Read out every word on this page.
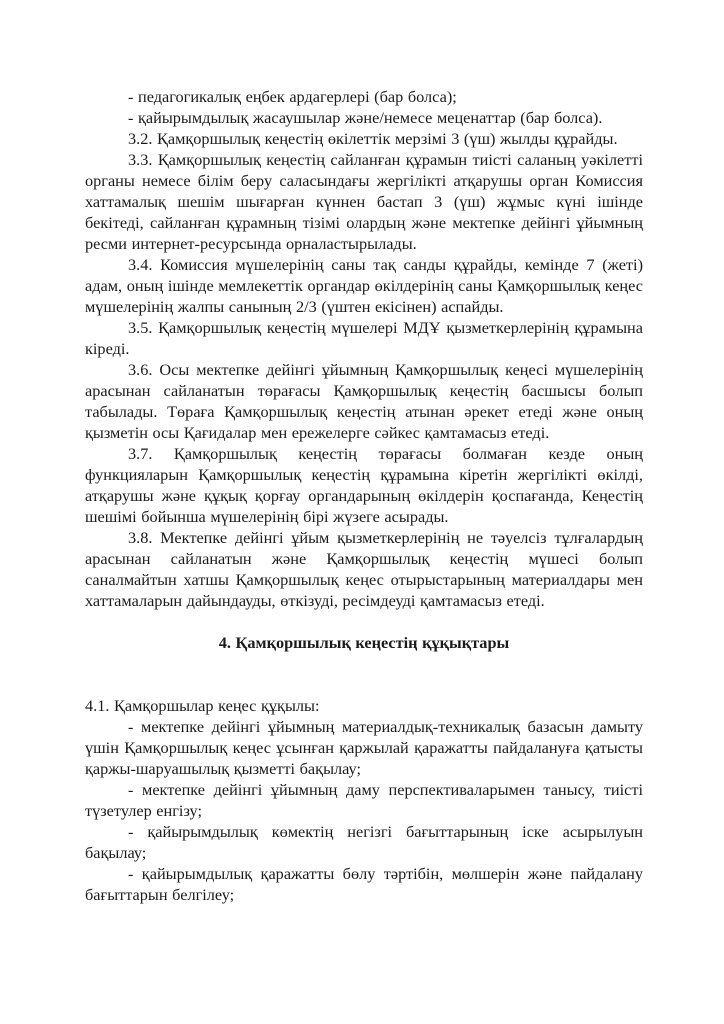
- педагогикалық еңбек ардагерлері (бар болса);

- қайырымдылық жасаушылар және/немесе меценаттар (бар болса).

3.2. Қамқоршылық кеңестің өкілеттік мерзімі 3 (үш) жылды құрайды.

3.3. Қамқоршылық кеңестің сайланған құрамын тиісті саланың уәкілетті органы немесе білім беру саласындағы жергілікті атқарушы орган Комиссия хаттамалық шешім шығарған күннен бастап 3 (үш) жұмыс күні ішінде бекітеді, сайланған құрамның тізімі олардың және мектепке дейінгі ұйымның ресми интернет-ресурсында орналастырылады.

3.4. Комиссия мүшелерінің саны тақ санды құрайды, кемінде 7 (жеті) адам, оның ішінде мемлекеттік органдар өкілдерінің саны Қамқоршылық кеңес мүшелерінің жалпы санының 2/3 (үштен екісінен) аспайды.

3.5. Қамқоршылық кеңестің мүшелері МДҰ қызметкерлерінің құрамына кіреді.

3.6. Осы мектепке дейінгі ұйымның Қамқоршылық кеңесі мүшелерінің арасынан сайланатын төрағасы Қамқоршылық кеңестің басшысы болып табылады. Төраға Қамқоршылық кеңестің атынан әрекет етеді және оның қызметін осы Қағидалар мен ережелерге сәйкес қамтамасыз етеді.

3.7. Қамқоршылық кеңестің төрағасы болмаған кезде оның функцияларын Қамқоршылық кеңестің құрамына кіретін жергілікті өкілді, атқарушы және құқық қорғау органдарының өкілдерін қоспағанда, Кеңестің шешімі бойынша мүшелерінің бірі жүзеге асырады.

3.8. Мектепке дейінгі ұйым қызметкерлерінің не тәуелсіз тұлғалардың арасынан сайланатын және Қамқоршылық кеңестің мүшесі болып саналмайтын хатшы Қамқоршылық кеңес отырыстарының материалдары мен хаттамаларын дайындауды, өткізуді, ресімдеуді қамтамасыз етеді.

4. Қамқоршылық кеңестің құқықтары

4.1. Қамқоршылар кеңес құқылы:

- мектепке дейінгі ұйымның материалдық-техникалық базасын дамыту үшін Қамқоршылық кеңес ұсынған қаржылай қаражатты пайдалануға қатысты қаржы-шаруашылық қызметті бақылау;

- мектепке дейінгі ұйымның даму перспективаларымен танысу, тиісті түзетулер енгізу;

- қайырымдылық көмектің негізгі бағыттарының іске асырылуын бақылау;

- қайырымдылық қаражатты бөлу тәртібін, мөлшерін және пайдалану бағыттарын белгілеу;
